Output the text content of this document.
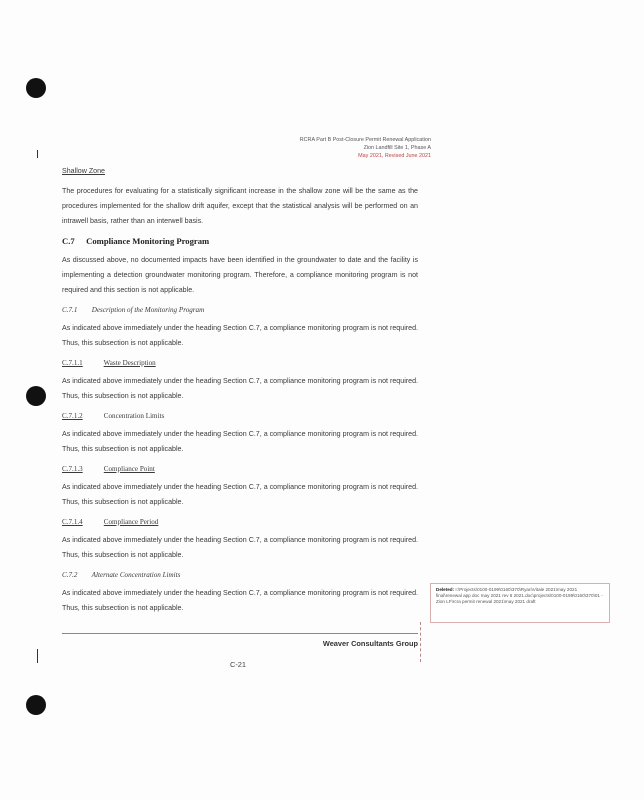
RCRA Part B Post-Closure Permit Renewal Application
Zion Landfill Site 1, Phase A
May 2021, Revised June 2021
Shallow Zone

The procedures for evaluating for a statistically significant increase in the shallow zone will be the same as the procedures implemented for the shallow drift aquifer, except that the statistical analysis will be performed on an intrawell basis, rather than an interwell basis.

C.7 Compliance Monitoring Program

As discussed above, no documented impacts have been identified in the groundwater to date and the facility is implementing a detection groundwater monitoring program. Therefore, a compliance monitoring program is not required and this section is not applicable.

C.7.1 Description of the Monitoring Program

As indicated above immediately under the heading Section C.7, a compliance monitoring program is not required. Thus, this subsection is not applicable.

C.7.1.1	Waste Description

As indicated above immediately under the heading Section C.7, a compliance monitoring program is not required. Thus, this subsection is not applicable.

C.7.1.2	Concentration Limits

As indicated above immediately under the heading Section C.7, a compliance monitoring program is not required. Thus, this subsection is not applicable.

C.7.1.3	Compliance Point

As indicated above immediately under the heading Section C.7, a compliance monitoring program is not required. Thus, this subsection is not applicable.

C.7.1.4	Compliance Period

As indicated above immediately under the heading Section C.7, a compliance monitoring program is not required. Thus, this subsection is not applicable.

C.7.2 Alternate Concentration Limits

As indicated above immediately under the heading Section C.7, a compliance monitoring program is not required. Thus, this subsection is not applicable.

Deleted: I:\Projects\0100-0199\0160\370\Ryan\Vitale 2021\may 2021 final\renewal app doc may 2021 rev 6 2021.doc\projects\0100-0199\0160\370\01 - Zion LF\rcra permit renewal 2021\may 2021 draft
Weaver Consultants Group
C-21
